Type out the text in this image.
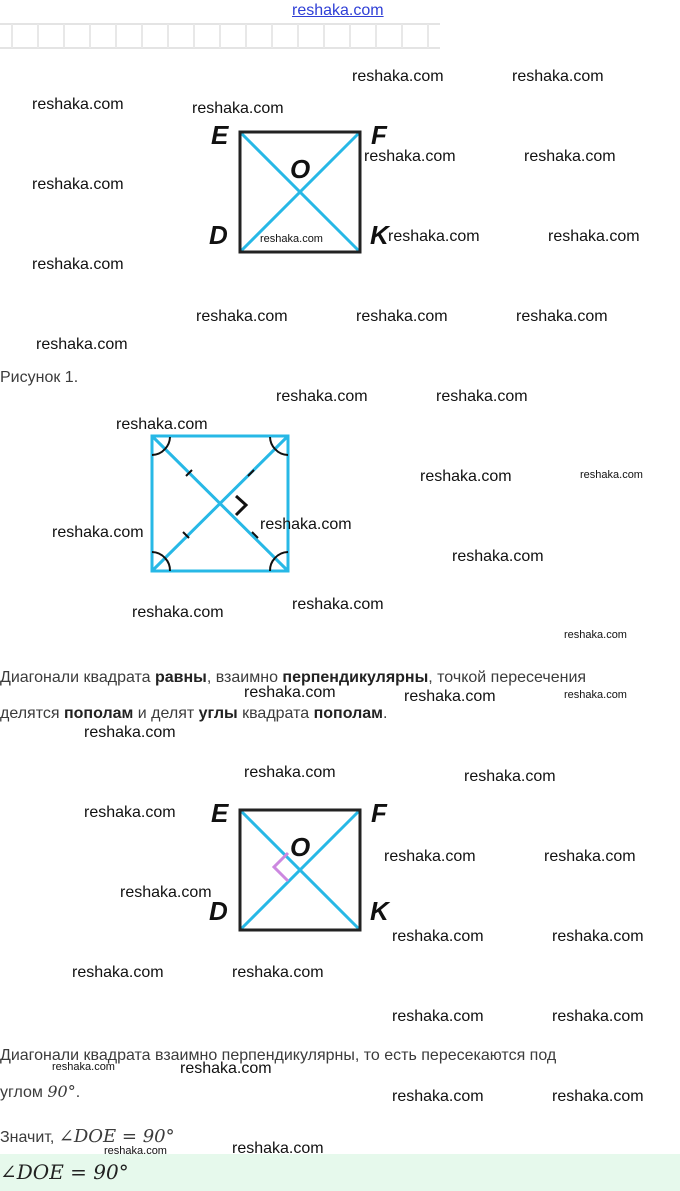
reshaka.com
E	F
D	K
O
Рисунок 1.
Диагонали квадрата равны, взаимно перпендикулярны, точкой пересечения
делятся пополам и делят углы квадрата пополам.
E	F
D	K
O
Диагонали квадрата взаимно перпендикулярны, то есть пересекаются под
углом 90°.
Значит, ∠DOE = 90°
∠DOE = 90°
reshaka.com	reshaka.com
reshaka.com	reshaka.com
reshaka.com	reshaka.com
reshaka.com
reshaka.com	reshaka.com	reshaka.com
reshaka.com
reshaka.com	reshaka.com	reshaka.com
reshaka.com
reshaka.com	reshaka.com
reshaka.com
reshaka.com	reshaka.com
reshaka.com	reshaka.com
reshaka.com
reshaka.com
reshaka.com
reshaka.com
reshaka.com	reshaka.com	reshaka.com
reshaka.com
reshaka.com	reshaka.com
reshaka.com
reshaka.com	reshaka.com
reshaka.com
reshaka.com	reshaka.com
reshaka.com	reshaka.com
reshaka.com	reshaka.com
reshaka.com	reshaka.com
reshaka.com	reshaka.com
reshaka.com	reshaka.com
